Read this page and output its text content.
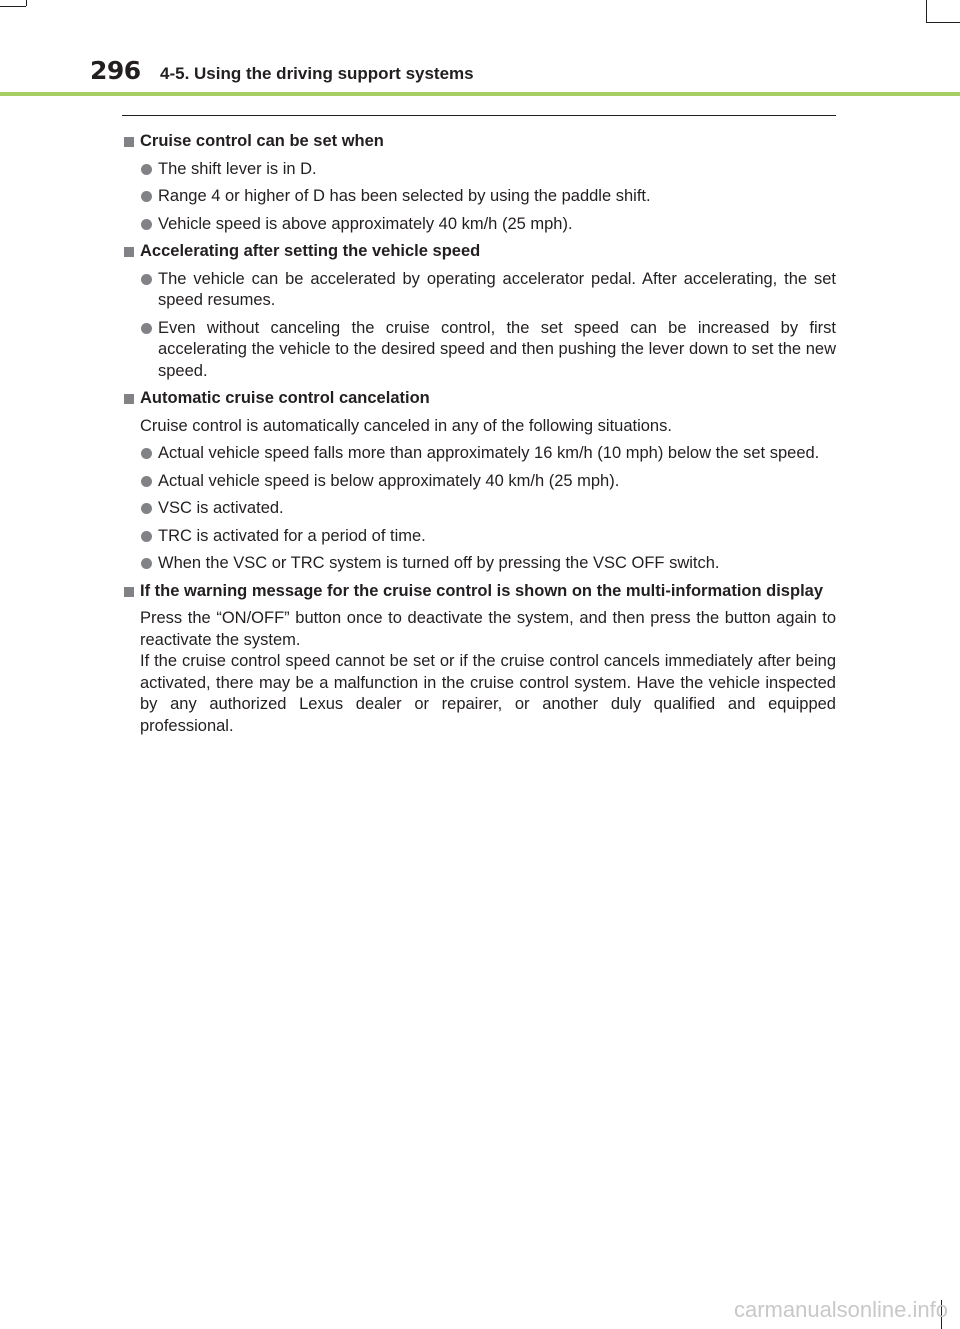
296 4-5. Using the driving support systems
Cruise control can be set when
The shift lever is in D.
Range 4 or higher of D has been selected by using the paddle shift.
Vehicle speed is above approximately 40 km/h (25 mph).
Accelerating after setting the vehicle speed
The vehicle can be accelerated by operating accelerator pedal. After accelerating, the set speed resumes.
Even without canceling the cruise control, the set speed can be increased by first accelerating the vehicle to the desired speed and then pushing the lever down to set the new speed.
Automatic cruise control cancelation

Cruise control is automatically canceled in any of the following situations.

Actual vehicle speed falls more than approximately 16 km/h (10 mph) below the set speed.
Actual vehicle speed is below approximately 40 km/h (25 mph).
VSC is activated.
TRC is activated for a period of time.
When the VSC or TRC system is turned off by pressing the VSC OFF switch.
If the warning message for the cruise control is shown on the multi-information display

Press the “ON/OFF” button once to deactivate the system, and then press the button again to reactivate the system.

If the cruise control speed cannot be set or if the cruise control cancels immediately after being activated, there may be a malfunction in the cruise control system. Have the vehicle inspected by any authorized Lexus dealer or repairer, or another duly qualified and equipped professional.

carmanualsonline.info
